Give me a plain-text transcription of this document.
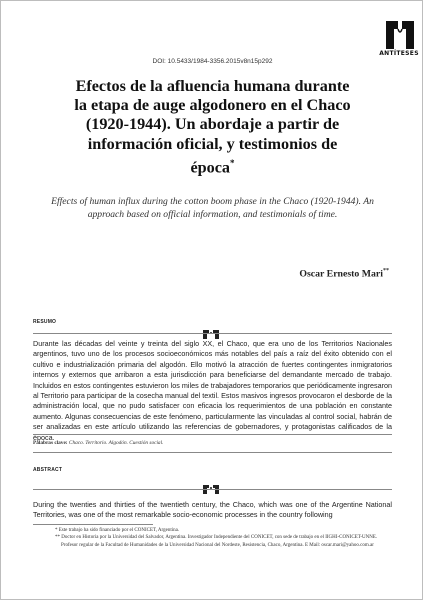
ANTÍTESES
DOI: 10.5433/1984-3356.2015v8n15p292
Efectos de la afluencia humana durante
la etapa de auge algodonero en el Chaco
(1920-1944). Un abordaje a partir de
información oficial, y testimonios de
época*
Effects of human influx during the cotton boom phase in the Chaco (1920-1944). An approach based on official information, and testimonials of time.
Oscar Ernesto Mari**
RESUMO
Durante las décadas del veinte y treinta del siglo XX, el Chaco, que era uno de los Territorios Nacionales argentinos, tuvo uno de los procesos socioeconómicos más notables del país a raíz del éxito obtenido con el cultivo e industrialización primaria del algodón. Ello motivó la atracción de fuertes contingentes inmigratorios internos y externos que arribaron a esta jurisdicción para beneficiarse del demandante mercado de trabajo. Incluidos en estos contingentes estuvieron los miles de trabajadores temporarios que periódicamente ingresaron al Territorio para participar de la cosecha manual del textil. Estos masivos ingresos provocaron el desborde de la administración local, que no pudo satisfacer con eficacia los requerimientos de una población en constante aumento. Algunas consecuencias de este fenómeno, particularmente las vinculadas al control social, habrán de ser analizadas en este artículo utilizando las referencias de gobernadores, y protagonistas calificados de la época.
Palabras clave: Chaco. Territorio. Algodón. Cuestión social.
ABSTRACT
During the twenties and thirties of the twentieth century, the Chaco, which was one of the Argentine National Territories, was one of the most remarkable socio-economic processes in the country following
* Este trabajo ha sido financiado por el CONICET, Argentina.
** Doctor en Historia por la Universidad del Salvador, Argentina. Investigador Independiente del CONICET, con sede de trabajo en el IIGHI-CONICET-UNNE. Profesor regular de la Facultad de Humanidades de la Universidad Nacional del Nordeste, Resistencia, Chaco, Argentina. E Mail: oscar.mari@yahoo.com.ar
